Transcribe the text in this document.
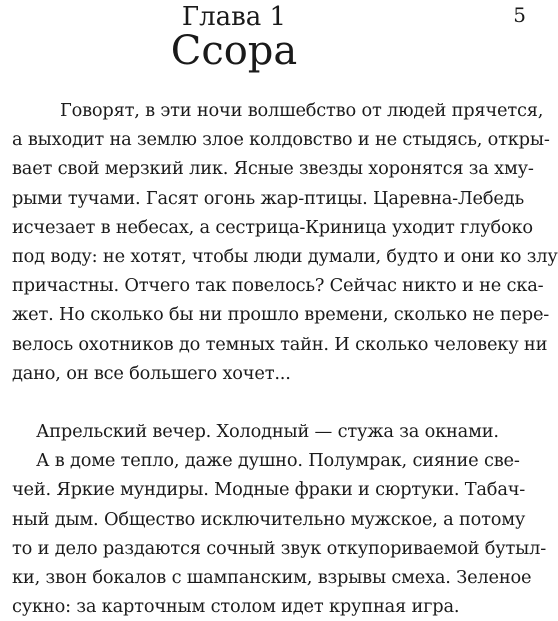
5
Глава 1
Ссора
Говорят, в эти ночи волшебство от людей прячется,
а выходит на землю злое колдовство и не стыдясь, откры-
вает свой мерзкий лик. Ясные звезды хоронятся за хму-
рыми тучами. Гасят огонь жар-птицы. Царевна-Лебедь
исчезает в небесах, а сестрица-Криница уходит глубоко
под воду: не хотят, чтобы люди думали, будто и они ко злу
причастны. Отчего так повелось? Сейчас никто и не ска-
жет. Но сколько бы ни прошло времени, сколько не пере-
велось охотников до темных тайн. И сколько человеку ни
дано, он все большего хочет...
Апрельский вечер. Холодный — стужа за окнами.
А в доме тепло, даже душно. Полумрак, сияние све-
чей. Яркие мундиры. Модные фраки и сюртуки. Табач-
ный дым. Общество исключительно мужское, а потому
то и дело раздаются сочный звук откупориваемой бутыл-
ки, звон бокалов с шампанским, взрывы смеха. Зеленое
сукно: за карточным столом идет крупная игра.
